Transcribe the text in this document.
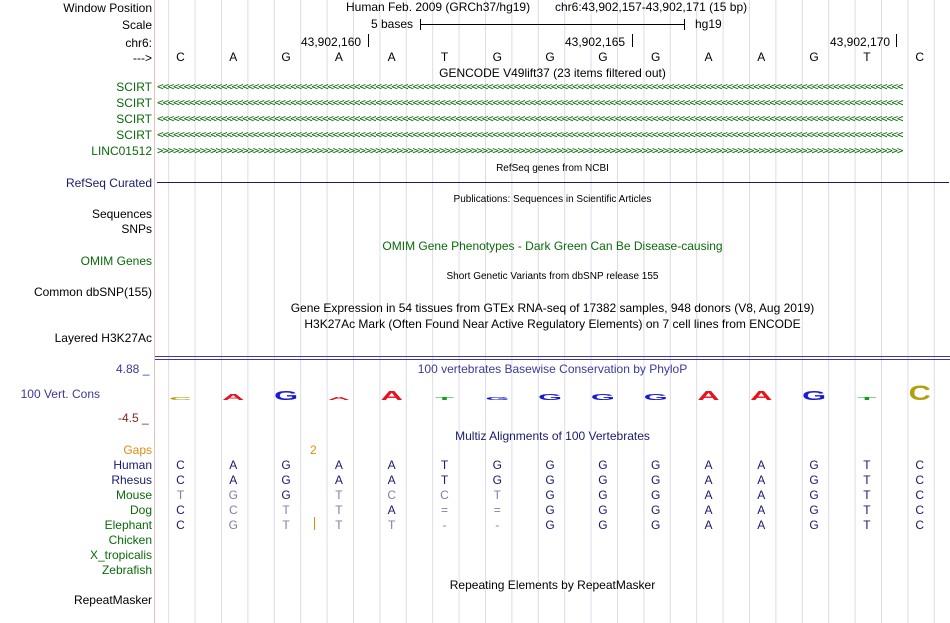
Window Position
Scale
chr6:
--->
Human Feb. 2009 (GRCh37/hg19) chr6:43,902,157-43,902,171 (15 bp)
5 bases	hg19
43,902,160	43,902,165	43,902,170
C	A	G	A	A	T	G	G	G	G	A	A	G	T	C
GENCODE V49lift37 (23 items filtered out)
SCIRT <<<<<<<<<<<<<<<<<<<<<<<<<<<<<<<<<<<<<<<<<<<<<<<<<<<<<<<<<<<<<<<<<<<<<<<<<<<<<<<<<<<<<<<<<<<<<<<<<<<<<<<<<<<<<<<<<<<<<<<<<<<<<<<<<<<<<<<<<<<<
SCIRT <<<<<<<<<<<<<<<<<<<<<<<<<<<<<<<<<<<<<<<<<<<<<<<<<<<<<<<<<<<<<<<<<<<<<<<<<<<<<<<<<<<<<<<<<<<<<<<<<<<<<<<<<<<<<<<<<<<<<<<<<<<<<<<<<<<<<<<<<<<<
SCIRT <<<<<<<<<<<<<<<<<<<<<<<<<<<<<<<<<<<<<<<<<<<<<<<<<<<<<<<<<<<<<<<<<<<<<<<<<<<<<<<<<<<<<<<<<<<<<<<<<<<<<<<<<<<<<<<<<<<<<<<<<<<<<<<<<<<<<<<<<<<<
SCIRT <<<<<<<<<<<<<<<<<<<<<<<<<<<<<<<<<<<<<<<<<<<<<<<<<<<<<<<<<<<<<<<<<<<<<<<<<<<<<<<<<<<<<<<<<<<<<<<<<<<<<<<<<<<<<<<<<<<<<<<<<<<<<<<<<<<<<<<<<<<<
LINC01512 >>>>>>>>>>>>>>>>>>>>>>>>>>>>>>>>>>>>>>>>>>>>>>>>>>>>>>>>>>>>>>>>>>>>>>>>>>>>>>>>>>>>>>>>>>>>>>>>>>>>>>>>>>>>>>>>>>>>>>>>>>>>>>>>>>>>>>>>>>>>
RefSeq genes from NCBI
RefSeq Curated
Publications: Sequences in Scientific Articles
Sequences
SNPs
OMIM Gene Phenotypes - Dark Green Can Be Disease-causing
OMIM Genes
Short Genetic Variants from dbSNP release 155
Common dbSNP(155)
Gene Expression in 54 tissues from GTEx RNA-seq of 17382 samples, 948 donors (V8, Aug 2019)
H3K27Ac Mark (Often Found Near Active Regulatory Elements) on 7 cell lines from ENCODE
Layered H3K27Ac
100 vertebrates Basewise Conservation by PhyloP
4.88 _
100 Vert. Cons
-4.5 _
C A G A A T G G G G A A G T C
Multiz Alignments of 100 Vertebrates
Gaps	2
Human	C	A	G	A	A	T	G	G	G	G	A	A	G	T	C
Rhesus	C	A	G	A	A	T	G	G	G	G	A	A	G	T	C
Mouse	T	G	G	T	C	C	T	G	G	G	A	A	G	T	C
Dog	C	C	T	T	A	=	=	G	G	G	A	A	G	T	C
Elephant	C	G	T	T	T	-	-	G	G	G	A	A	G	T	C
Chicken
X_tropicalis
Zebrafish
Repeating Elements by RepeatMasker
RepeatMasker
